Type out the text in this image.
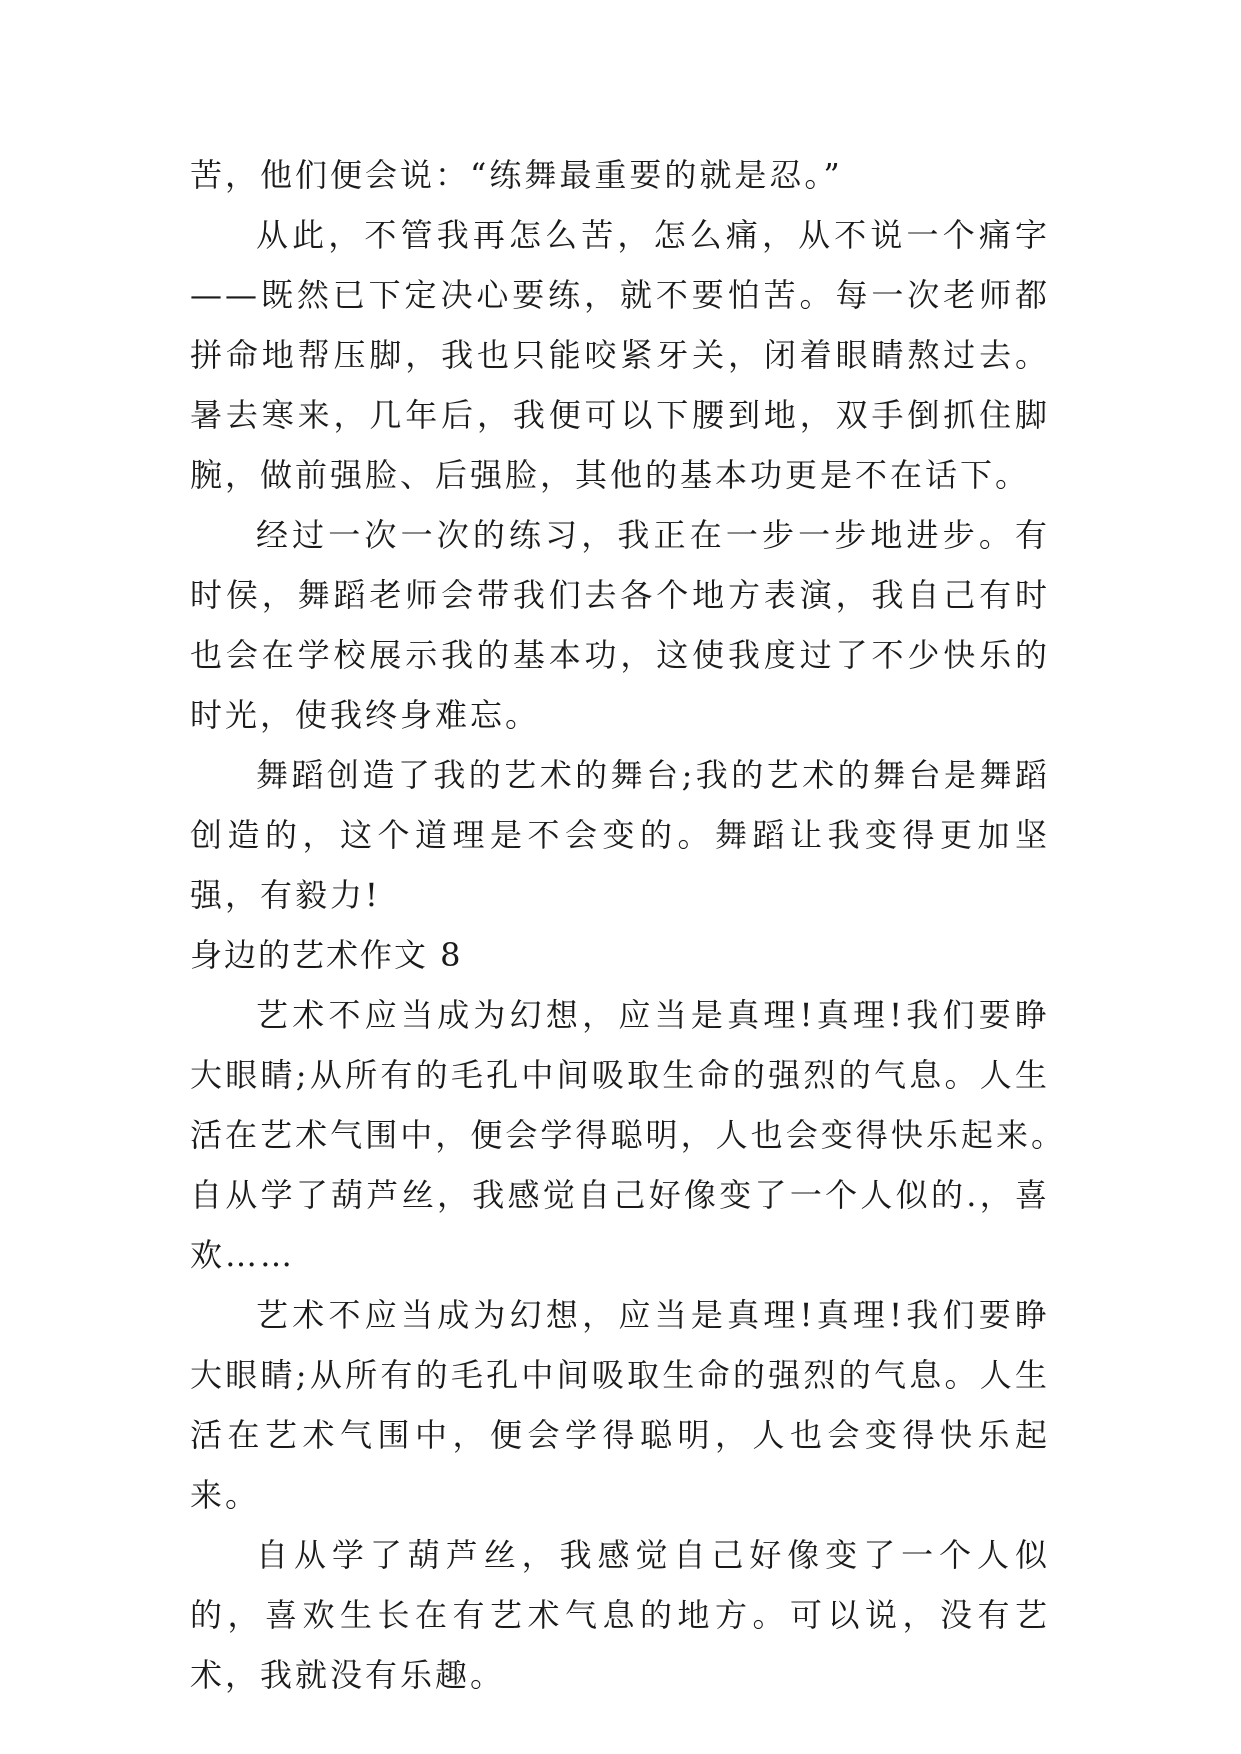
苦，他们便会说：“练舞最重要的就是忍。”

从此，不管我再怎么苦，怎么痛，从不说一个痛字——既然已下定决心要练，就不要怕苦。每一次老师都拼命地帮压脚，我也只能咬紧牙关，闭着眼睛熬过去。暑去寒来，几年后，我便可以下腰到地，双手倒抓住脚腕，做前强脸、后强脸，其他的基本功更是不在话下。

经过一次一次的练习，我正在一步一步地进步。有时侯，舞蹈老师会带我们去各个地方表演，我自己有时也会在学校展示我的基本功，这使我度过了不少快乐的时光，使我终身难忘。

舞蹈创造了我的艺术的舞台;我的艺术的舞台是舞蹈创造的，这个道理是不会变的。舞蹈让我变得更加坚强，有毅力!

身边的艺术作文 8

艺术不应当成为幻想，应当是真理!真理!我们要睁大眼睛;从所有的毛孔中间吸取生命的强烈的气息。人生活在艺术气围中，便会学得聪明，人也会变得快乐起来。　自从学了葫芦丝，我感觉自己好像变了一个人似的.，喜欢……

艺术不应当成为幻想，应当是真理!真理!我们要睁大眼睛;从所有的毛孔中间吸取生命的强烈的气息。人生活在艺术气围中，便会学得聪明，人也会变得快乐起来。

自从学了葫芦丝，我感觉自己好像变了一个人似的，喜欢生长在有艺术气息的地方。可以说，没有艺术，我就没有乐趣。
